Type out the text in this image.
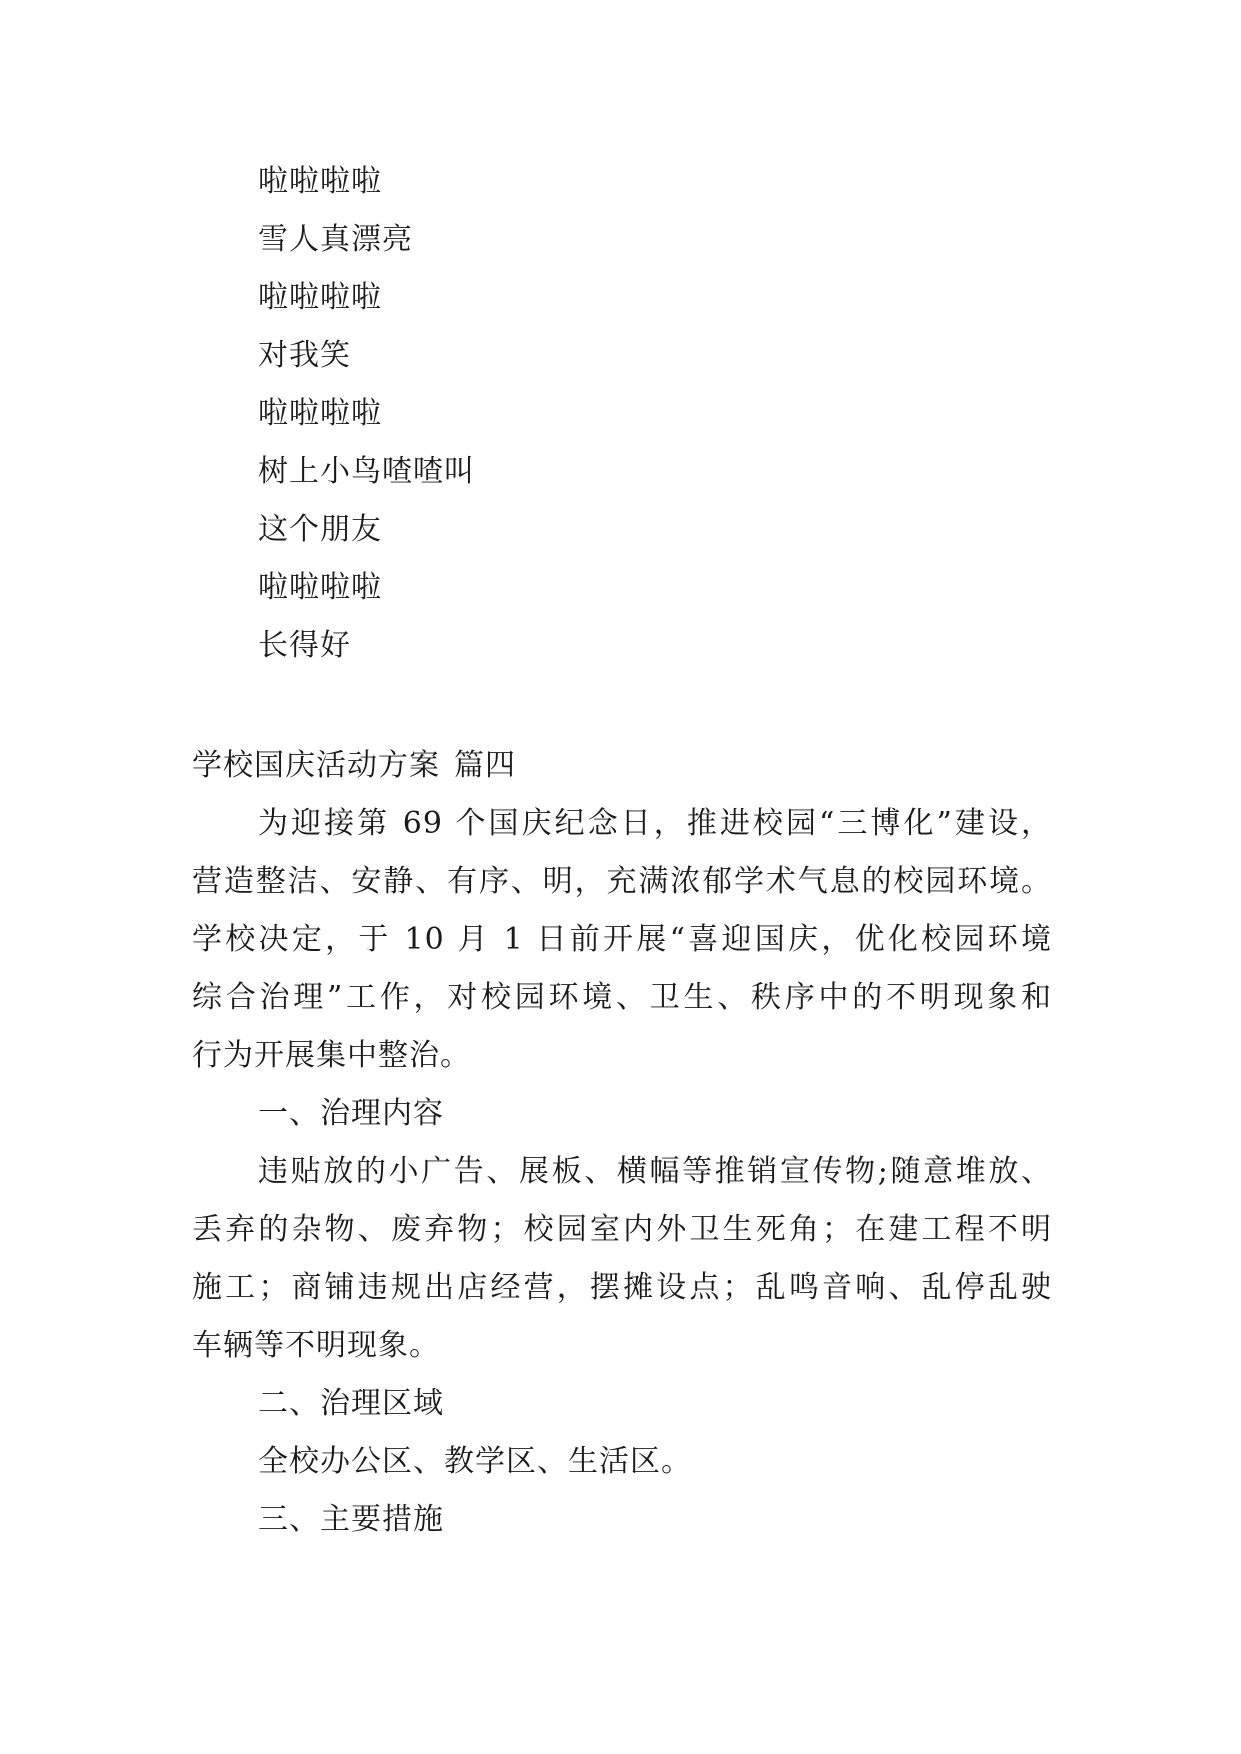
啦啦啦啦
雪人真漂亮
啦啦啦啦
对我笑
啦啦啦啦
树上小鸟喳喳叫
这个朋友
啦啦啦啦
长得好
学校国庆活动方案 篇四
为迎接第 69 个国庆纪念日，推进校园“三博化”建设，
营造整洁、安静、有序、明，充满浓郁学术气息的校园环境。
学校决定，于 10 月 1 日前开展“喜迎国庆，优化校园环境
综合治理”工作，对校园环境、卫生、秩序中的不明现象和
行为开展集中整治。
一、治理内容
违贴放的小广告、展板、横幅等推销宣传物;随意堆放、
丢弃的杂物、废弃物；校园室内外卫生死角；在建工程不明
施工；商铺违规出店经营，摆摊设点；乱鸣音响、乱停乱驶
车辆等不明现象。
二、治理区域
全校办公区、教学区、生活区。
三、主要措施
